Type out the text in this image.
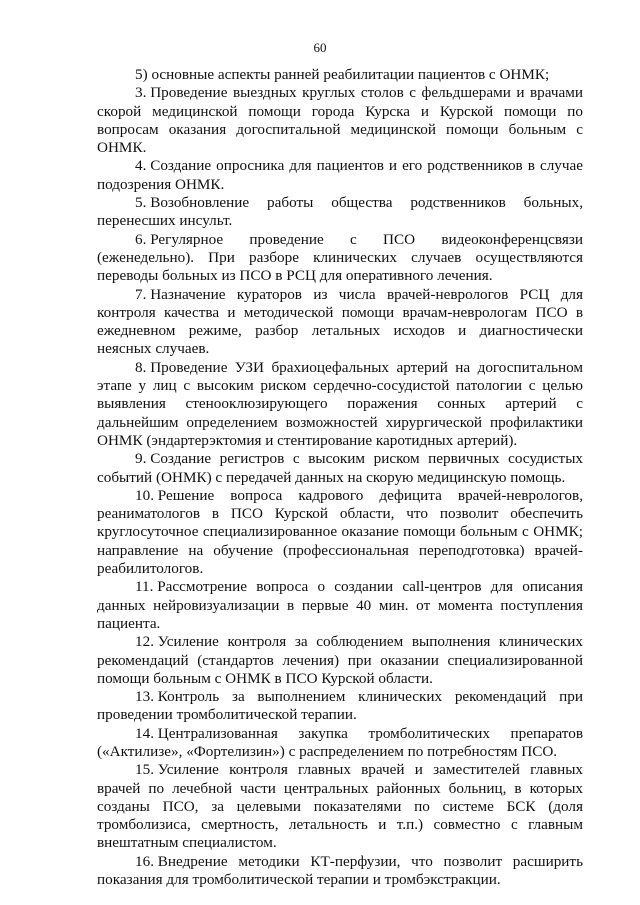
60

5) основные аспекты ранней реабилитации пациентов с ОНМК;

3. Проведение выездных круглых столов с фельдшерами и врачами скорой медицинской помощи города Курска и Курской помощи по вопросам оказания догоспитальной медицинской помощи больным с ОНМК.

4. Создание опросника для пациентов и его родственников в случае подозрения ОНМК.

5. Возобновление работы общества родственников больных, перенесших инсульт.

6. Регулярное проведение с ПСО видеоконференцсвязи (еженедельно). При разборе клинических случаев осуществляются переводы больных из ПСО в РСЦ для оперативного лечения.

7. Назначение кураторов из числа врачей-неврологов РСЦ для контроля качества и методической помощи врачам-неврологам ПСО в ежедневном режиме, разбор летальных исходов и диагностически неясных случаев.

8. Проведение УЗИ брахиоцефальных артерий на догоспитальном этапе у лиц с высоким риском сердечно-сосудистой патологии с целью выявления стенооклюзирующего поражения сонных артерий с дальнейшим определением возможностей хирургической профилактики ОНМК (эндартерэктомия и стентирование каротидных артерий).

9. Создание регистров с высоким риском первичных сосудистых событий (ОНМК) с передачей данных на скорую медицинскую помощь.

10. Решение вопроса кадрового дефицита врачей-неврологов, реаниматологов в ПСО Курской области, что позволит обеспечить круглосуточное специализированное оказание помощи больным с ОНМК; направление на обучение (профессиональная переподготовка) врачей-реабилитологов.

11. Рассмотрение вопроса о создании call-центров для описания данных нейровизуализации в первые 40 мин. от момента поступления пациента.

12. Усиление контроля за соблюдением выполнения клинических рекомендаций (стандартов лечения) при оказании специализированной помощи больным с ОНМК в ПСО Курской области.

13. Контроль за выполнением клинических рекомендаций при проведении тромболитической терапии.

14. Централизованная закупка тромболитических препаратов («Актилизе», «Фортелизин») с распределением по потребностям ПСО.

15. Усиление контроля главных врачей и заместителей главных врачей по лечебной части центральных районных больниц, в которых созданы ПСО, за целевыми показателями по системе БСК (доля тромболизиса, смертность, летальность и т.п.) совместно с главным внештатным специалистом.

16. Внедрение методики КТ-перфузии, что позволит расширить показания для тромболитической терапии и тромбэкстракции.
